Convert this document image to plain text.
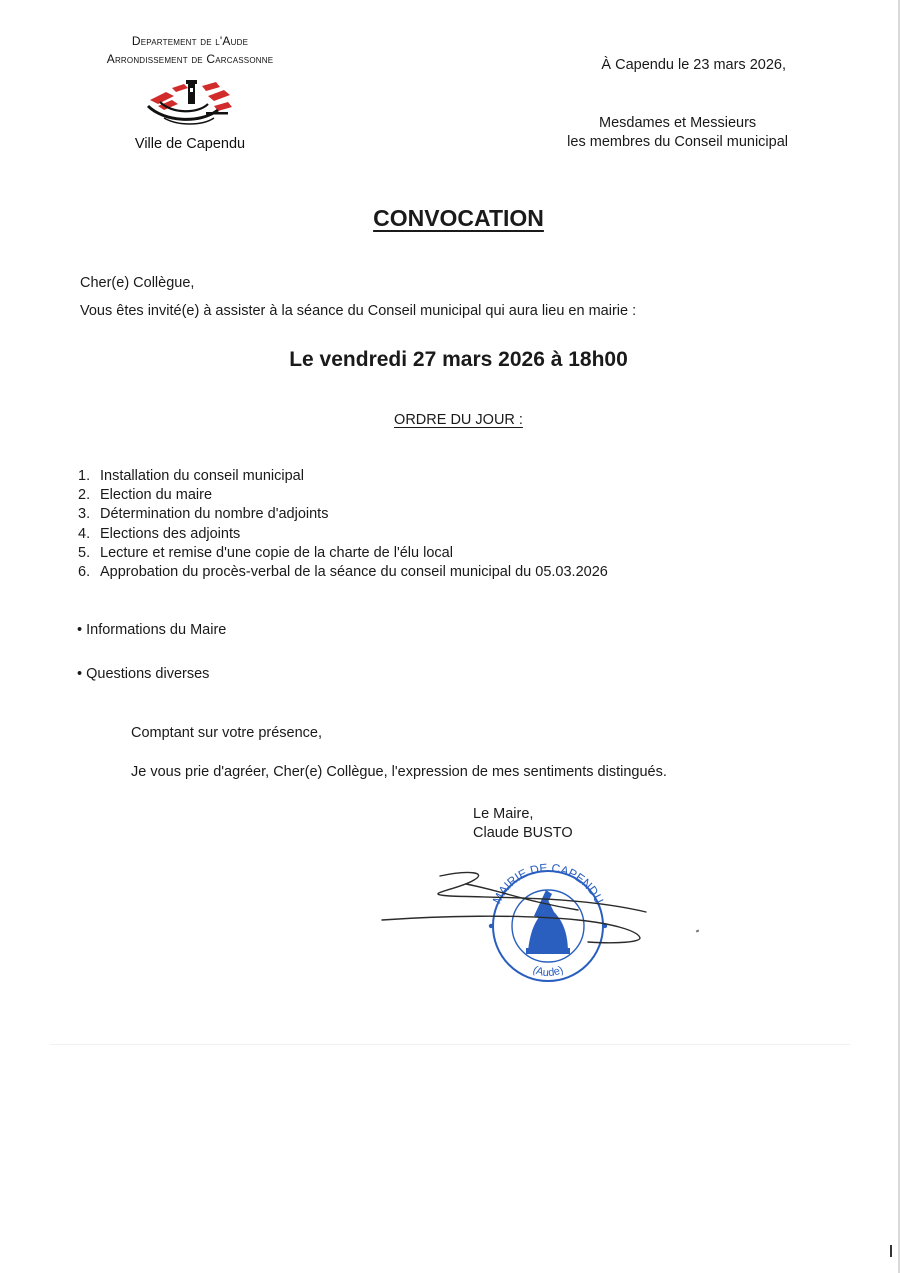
Departement de l'Aude
Arrondissement de Carcassonne
Ville de Capendu
À Capendu le 23 mars 2026,
Mesdames et Messieurs
les membres du Conseil municipal
CONVOCATION
Cher(e) Collègue,
Vous êtes invité(e) à assister à la séance du Conseil municipal qui aura lieu en mairie :
Le vendredi 27 mars 2026 à 18h00
ORDRE DU JOUR :
1. Installation du conseil municipal
2. Election du maire
3. Détermination du nombre d'adjoints
4. Elections des adjoints
5. Lecture et remise d'une copie de la charte de l'élu local
6. Approbation du procès-verbal de la séance du conseil municipal du 05.03.2026
• Informations du Maire
• Questions diverses
Comptant sur votre présence,
Je vous prie d'agréer, Cher(e) Collègue, l'expression de mes sentiments distingués.
Le Maire,
Claude BUSTO
MAIRIE DE CAPENDU
(Aude)
